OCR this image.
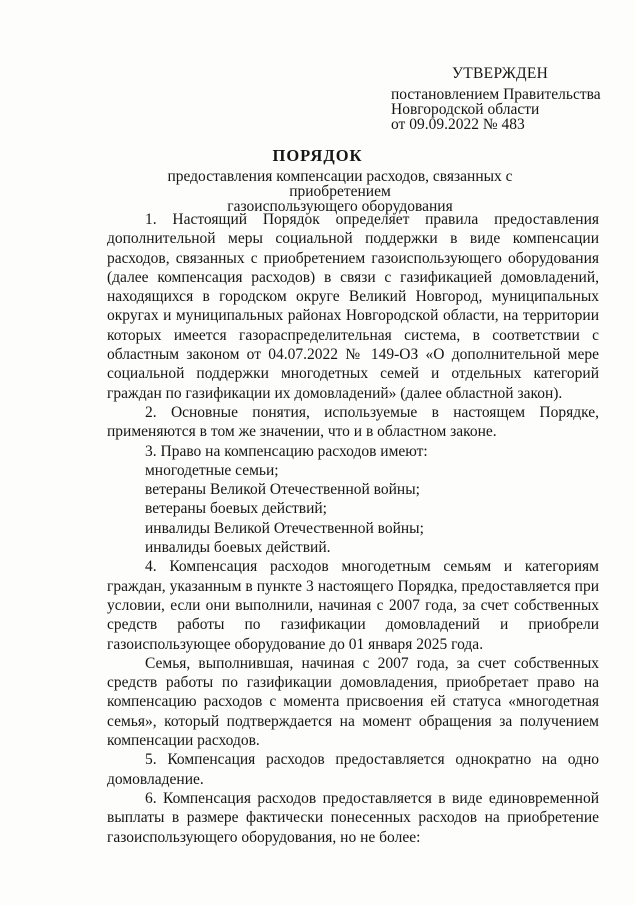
УТВЕРЖДЕН
постановлением Правительства
Новгородской области
от 09.09.2022 № 483
ПОРЯДОК
предоставления компенсации расходов, связанных с приобретением
газоиспользующего оборудования

1. Настоящий Порядок определяет правила предоставления дополнительной меры социальной поддержки в виде компенсации расходов, связанных с приобретением газоиспользующего оборудования (далее компенсация расходов) в связи с газификацией домовладений, находящихся в городском округе Великий Новгород, муниципальных округах и муниципальных районах Новгородской области, на территории которых имеется газораспределительная система, в соответствии с областным законом от 04.07.2022 № 149-ОЗ «О дополнительной мере социальной поддержки многодетных семей и отдельных категорий граждан по газификации их домовладений» (далее областной закон).

2. Основные понятия, используемые в настоящем Порядке, применяются в том же значении, что и в областном законе.

3. Право на компенсацию расходов имеют:

многодетные семьи;

ветераны Великой Отечественной войны;

ветераны боевых действий;

инвалиды Великой Отечественной войны;

инвалиды боевых действий.

4. Компенсация расходов многодетным семьям и категориям граждан, указанным в пункте 3 настоящего Порядка, предоставляется при условии, если они выполнили, начиная с 2007 года, за счет собственных средств работы по газификации домовладений и приобрели газоиспользующее оборудование до 01 января 2025 года.

Семья, выполнившая, начиная с 2007 года, за счет собственных средств работы по газификации домовладения, приобретает право на компенсацию расходов с момента присвоения ей статуса «многодетная семья», который подтверждается на момент обращения за получением компенсации расходов.

5. Компенсация расходов предоставляется однократно на одно домовладение.

6. Компенсация расходов предоставляется в виде единовременной выплаты в размере фактически понесенных расходов на приобретение газоиспользующего оборудования, но не более:
